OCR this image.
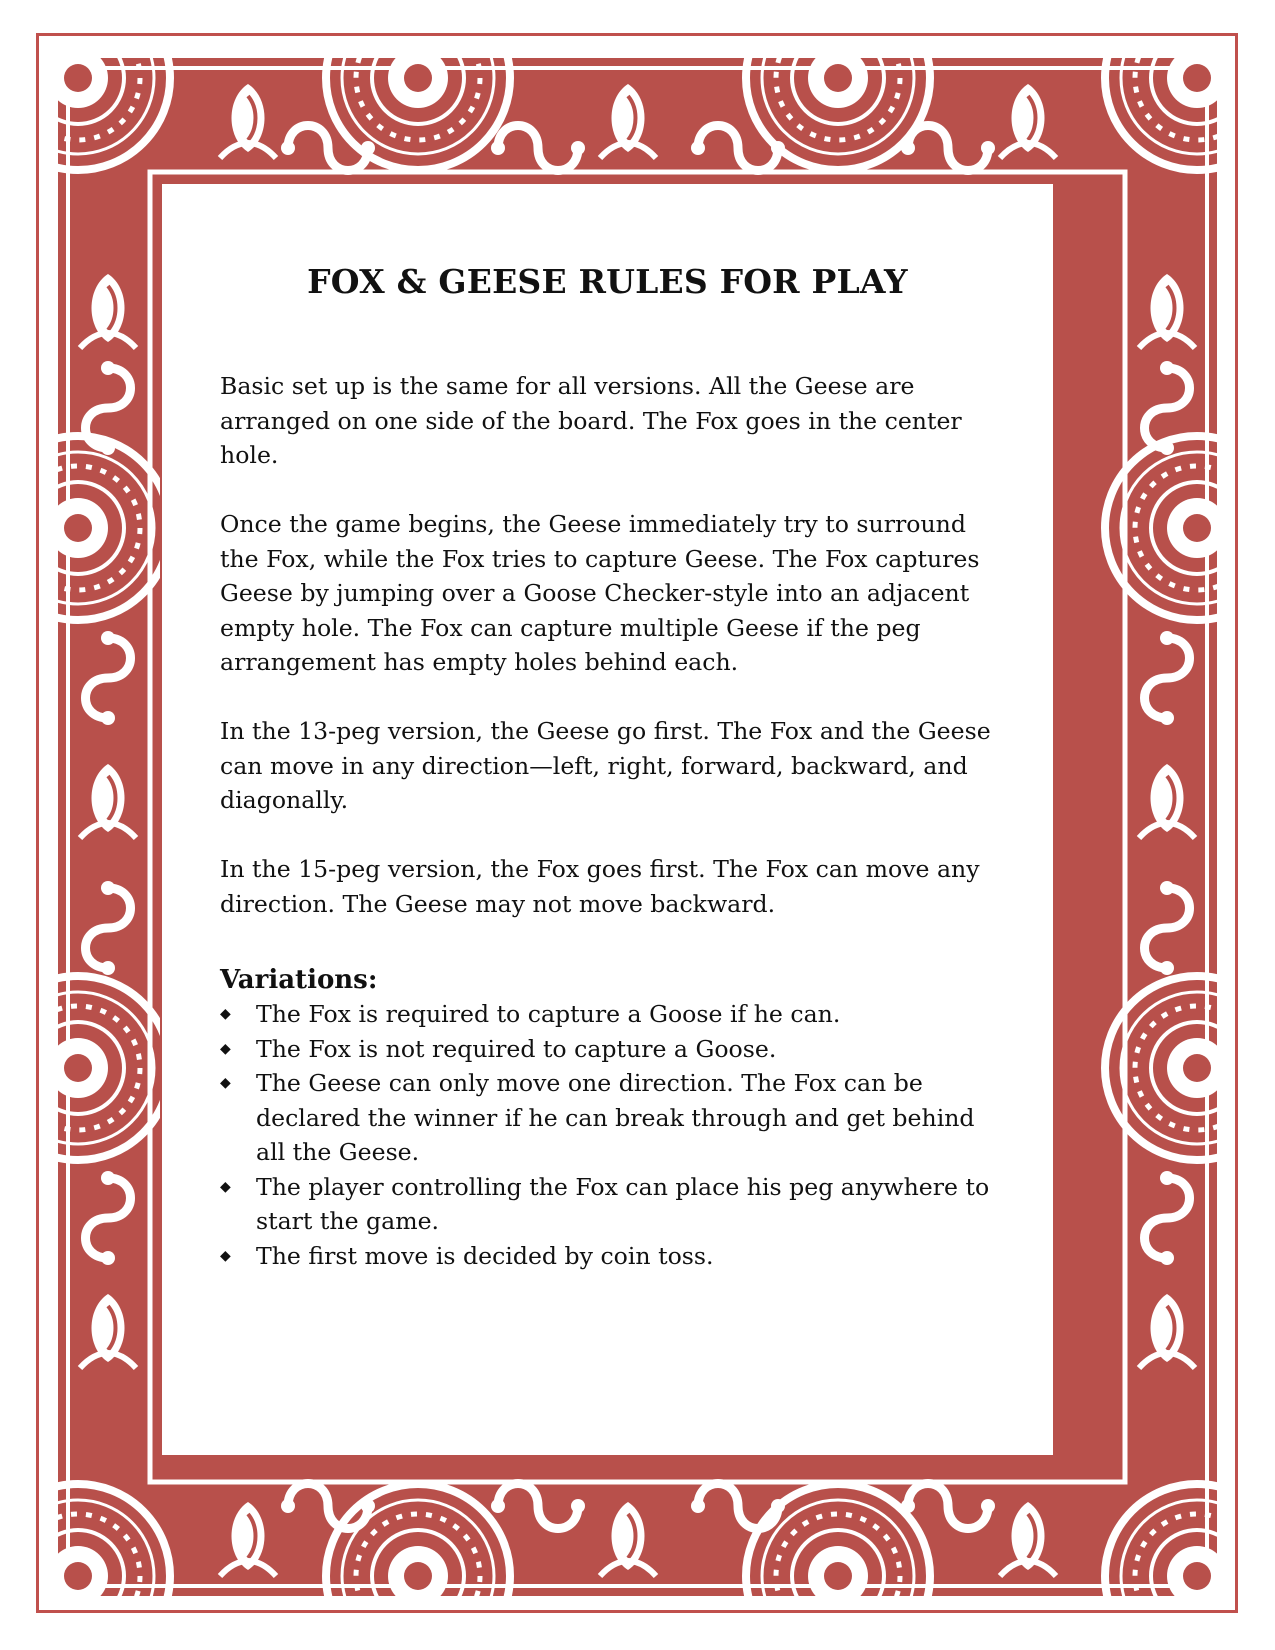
FOX & GEESE RULES FOR PLAY

Basic set up is the same for all versions. All the Geese are arranged on one side of the board. The Fox goes in the center hole.

Once the game begins, the Geese immediately try to surround the Fox, while the Fox tries to capture Geese. The Fox captures Geese by jumping over a Goose Checker-style into an adjacent empty hole. The Fox can capture multiple Geese if the peg arrangement has empty holes behind each.

In the 13-peg version, the Geese go first. The Fox and the Geese can move in any direction—left, right, forward, backward, and diagonally.

In the 15-peg version, the Fox goes first. The Fox can move any direction. The Geese may not move backward.

Variations:
◆ The Fox is required to capture a Goose if he can.
◆ The Fox is not required to capture a Goose.
◆ The Geese can only move one direction. The Fox can be declared the winner if he can break through and get behind all the Geese.
◆ The player controlling the Fox can place his peg anywhere to start the game.
◆ The first move is decided by coin toss.
